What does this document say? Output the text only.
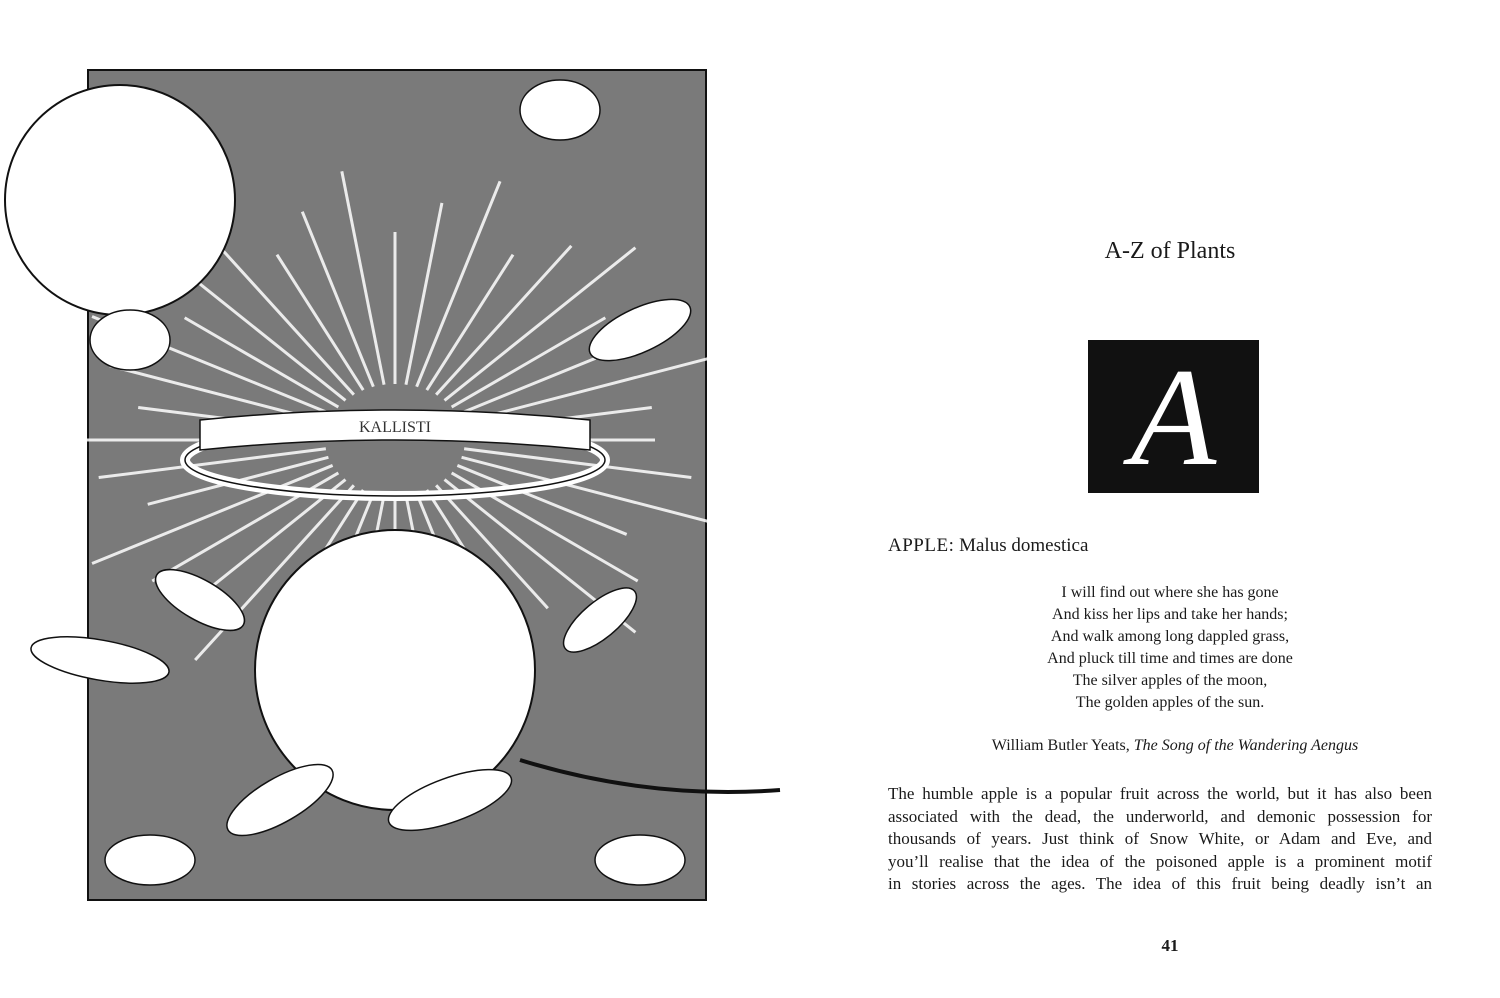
KALLISTI
A-Z of Plants
A
APPLE: Malus domestica
I will find out where she has gone
And kiss her lips and take her hands;
And walk among long dappled grass,
And pluck till time and times are done
The silver apples of the moon,
The golden apples of the sun.
William Butler Yeats, The Song of the Wandering Aengus
The humble apple is a popular fruit across the world, but it has also been
associated with the dead, the underworld, and demonic possession for
thousands of years. Just think of Snow White, or Adam and Eve, and
you’ll realise that the idea of the poisoned apple is a prominent motif
in stories across the ages. The idea of this fruit being deadly isn’t an
41
